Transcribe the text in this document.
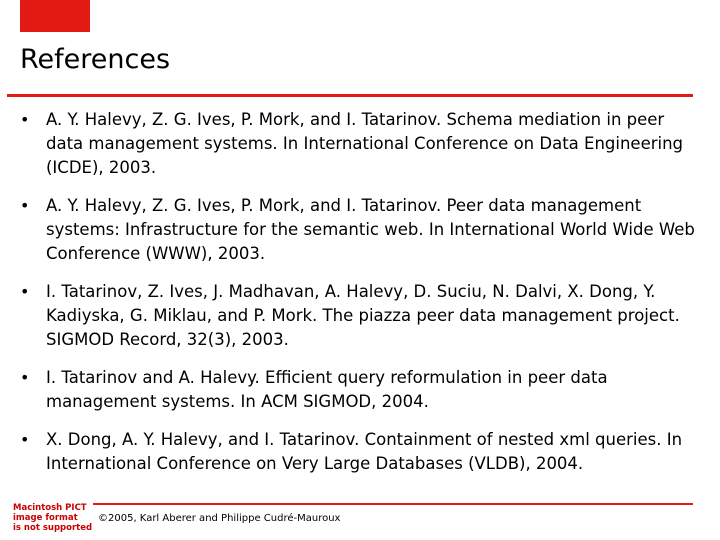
References
• A. Y. Halevy, Z. G. Ives, P. Mork, and I. Tatarinov. Schema mediation in peer data management systems. In International Conference on Data Engineering (ICDE), 2003.
• A. Y. Halevy, Z. G. Ives, P. Mork, and I. Tatarinov. Peer data management systems: Infrastructure for the semantic web. In International World Wide Web Conference (WWW), 2003.
• I. Tatarinov, Z. Ives, J. Madhavan, A. Halevy, D. Suciu, N. Dalvi, X. Dong, Y. Kadiyska, G. Miklau, and P. Mork. The piazza peer data management project. SIGMOD Record, 32(3), 2003.
• I. Tatarinov and A. Halevy. Efficient query reformulation in peer data management systems. In ACM SIGMOD, 2004.
• X. Dong, A. Y. Halevy, and I. Tatarinov. Containment of nested xml queries. In International Conference on Very Large Databases (VLDB), 2004.
Macintosh PICT
image format
is not supported
©2005, Karl Aberer and Philippe Cudré-Mauroux
